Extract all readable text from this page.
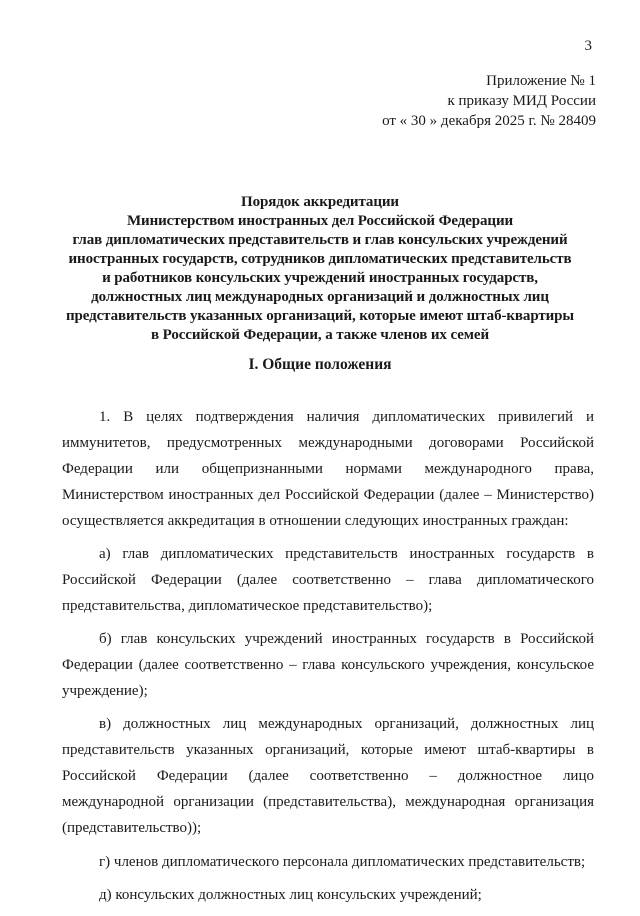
3
Приложение № 1
к приказу МИД России
от « 30 » декабря 2025 г. № 28409
Порядок аккредитации
Министерством иностранных дел Российской Федерации
глав дипломатических представительств и глав консульских учреждений
иностранных государств, сотрудников дипломатических представительств
и работников консульских учреждений иностранных государств,
должностных лиц международных организаций и должностных лиц
представительств указанных организаций, которые имеют штаб-квартиры
в Российской Федерации, а также членов их семей
I. Общие положения

1. В целях подтверждения наличия дипломатических привилегий и иммунитетов, предусмотренных международными договорами Российской Федерации или общепризнанными нормами международного права, Министерством иностранных дел Российской Федерации (далее – Министерство) осуществляется аккредитация в отношении следующих иностранных граждан:

а) глав дипломатических представительств иностранных государств в Российской Федерации (далее соответственно – глава дипломатического представительства, дипломатическое представительство);

б) глав консульских учреждений иностранных государств в Российской Федерации (далее соответственно – глава консульского учреждения, консульское учреждение);

в) должностных лиц международных организаций, должностных лиц представительств указанных организаций, которые имеют штаб-квартиры в Российской Федерации (далее соответственно – должностное лицо международной организации (представительства), международная организация (представительство));

г) членов дипломатического персонала дипломатических представительств;

д) консульских должностных лиц консульских учреждений;
